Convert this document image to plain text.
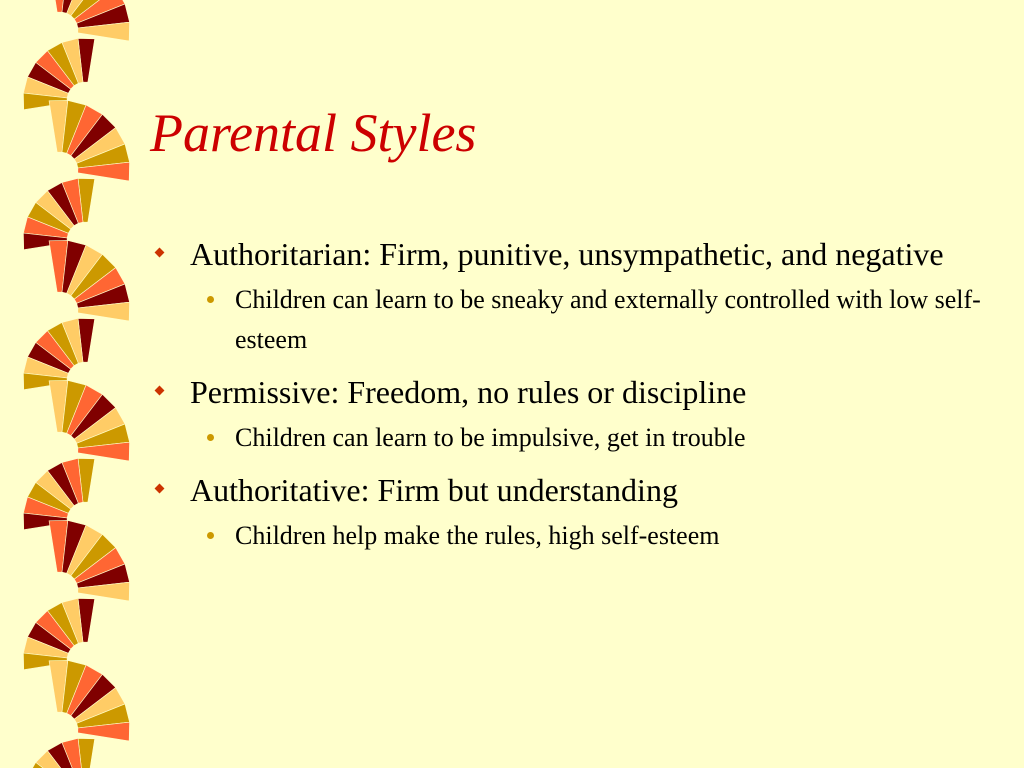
Parental Styles
Authoritarian: Firm, punitive, unsympathetic, and negative
Children can learn to be sneaky and externally controlled with low self-esteem
Permissive: Freedom, no rules or discipline
Children can learn to be impulsive, get in trouble
Authoritative: Firm but understanding
Children help make the rules, high self-esteem
